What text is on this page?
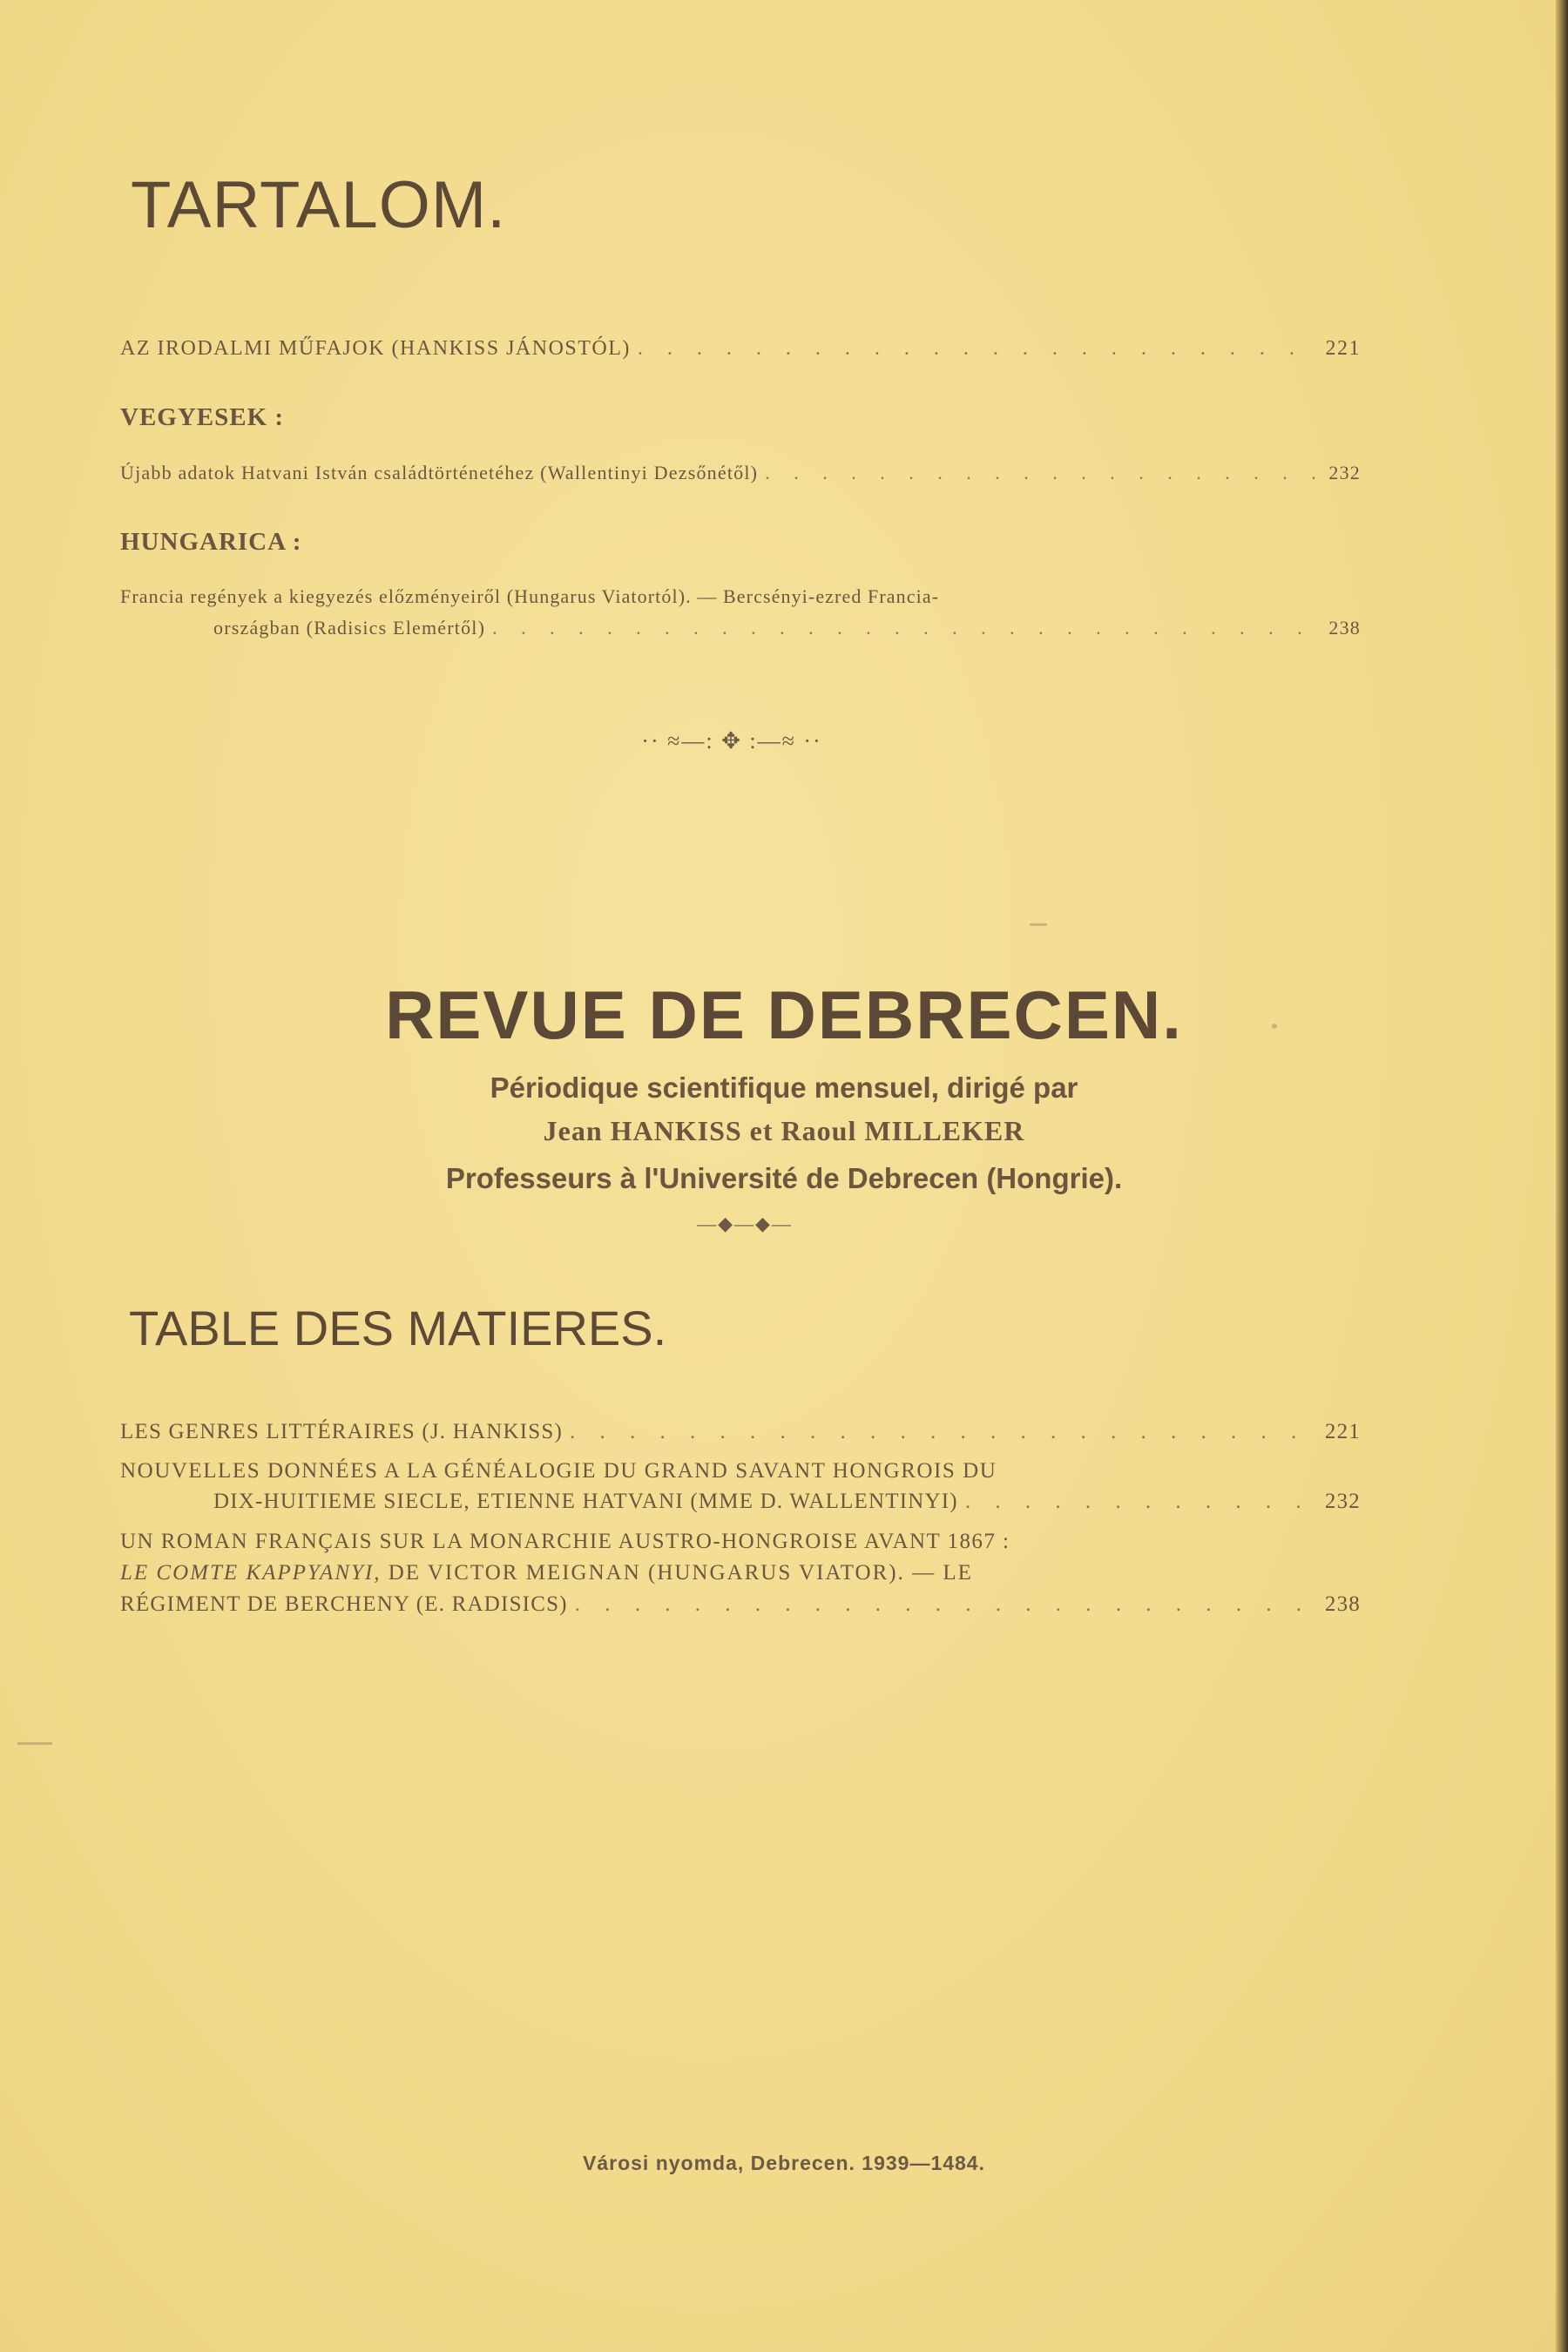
TARTALOM.
AZ IRODALMI MŰFAJOK (HANKISS JÁNOSTÓL) . . .	221
VEGYESEK :
Újabb adatok Hatvani István családtörténetéhez (Wallentinyi Dezsőnétől) . . .	232
HUNGARICA :
Francia regények a kiegyezés előzményeiről (Hungarus Viatortól). — Bercsényi-ezred Francia-
országban (Radisics Elemértől) . . .	238
·· ≈—: ✥ :—≈ ··
REVUE DE DEBRECEN.
Périodique scientifique mensuel, dirigé par
Jean HANKISS et Raoul MILLEKER
Professeurs à l'Université de Debrecen (Hongrie).
—◆—◆—
TABLE DES MATIERES.
LES GENRES LITTÉRAIRES (J. HANKISS) . . .	221
NOUVELLES DONNÉES A LA GÉNÉALOGIE DU GRAND SAVANT HONGROIS DU
DIX-HUITIEME SIECLE, ETIENNE HATVANI (MME D. WALLENTINYI) . . .	232
UN ROMAN FRANÇAIS SUR LA MONARCHIE AUSTRO-HONGROISE AVANT 1867 :
LE COMTE KAPPYANYI, DE VICTOR MEIGNAN (HUNGARUS VIATOR). — LE
RÉGIMENT DE BERCHENY (E. RADISICS) . . .	238
Városi nyomda, Debrecen. 1939—1484.
